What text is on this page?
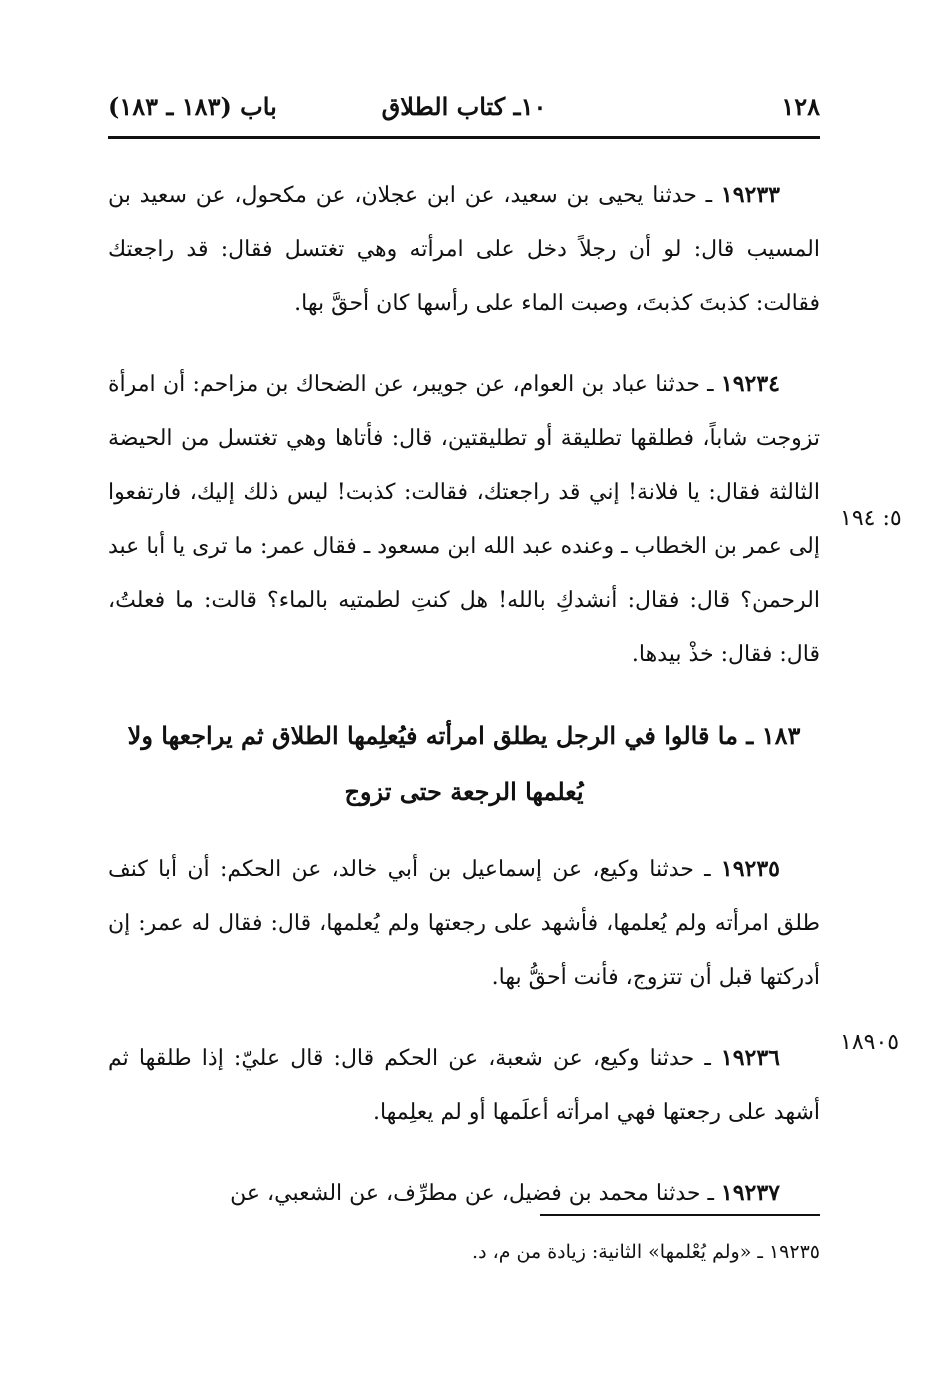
١٢٨
١٠ـ كتاب الطلاق
باب (١٨٣ ـ ١٨٣)

١٩٢٣٣ ـ حدثنا يحيى بن سعيد، عن ابن عجلان، عن مكحول، عن سعيد بن المسيب قال: لو أن رجلاً دخل على امرأته وهي تغتسل فقال: قد راجعتك فقالت: كذبتَ كذبتَ، وصبت الماء على رأسها كان أحقَّ بها.

١٩٢٣٤ ـ حدثنا عباد بن العوام، عن جويبر، عن الضحاك بن مزاحم: أن امرأة تزوجت شاباً، فطلقها تطليقة أو تطليقتين، قال: فأتاها وهي تغتسل من الحيضة الثالثة فقال: يا فلانة! إني قد راجعتك، فقالت: كذبت! ليس ذلك إليك، فارتفعوا إلى عمر بن الخطاب ـ وعنده عبد الله ابن مسعود ـ فقال عمر: ما ترى يا أبا عبد الرحمن؟ قال: فقال: أنشدكِ بالله! هل كنتِ لطمتيه بالماء؟ قالت: ما فعلتُ، قال: فقال: خذْ بيدها.

١٨٣ ـ ما قالوا في الرجل يطلق امرأته فيُعلِمها الطلاق ثم يراجعها ولا يُعلمها الرجعة حتى تزوج

١٩٢٣٥ ـ حدثنا وكيع، عن إسماعيل بن أبي خالد، عن الحكم: أن أبا كنف طلق امرأته ولم يُعلمها، فأشهد على رجعتها ولم يُعلمها، قال: فقال له عمر: إن أدركتها قبل أن تتزوج، فأنت أحقُّ بها.

١٩٢٣٦ ـ حدثنا وكيع، عن شعبة، عن الحكم قال: قال عليّ: إذا طلقها ثم أشهد على رجعتها فهي امرأته أعلَمها أو لم يعلِمها.

١٩٢٣٧ ـ حدثنا محمد بن فضيل، عن مطرِّف، عن الشعبي، عن

٥: ١٩٤
١٨٩٠٥
١٩٢٣٥ ـ «ولم يُعْلمها» الثانية: زيادة من م، د.
